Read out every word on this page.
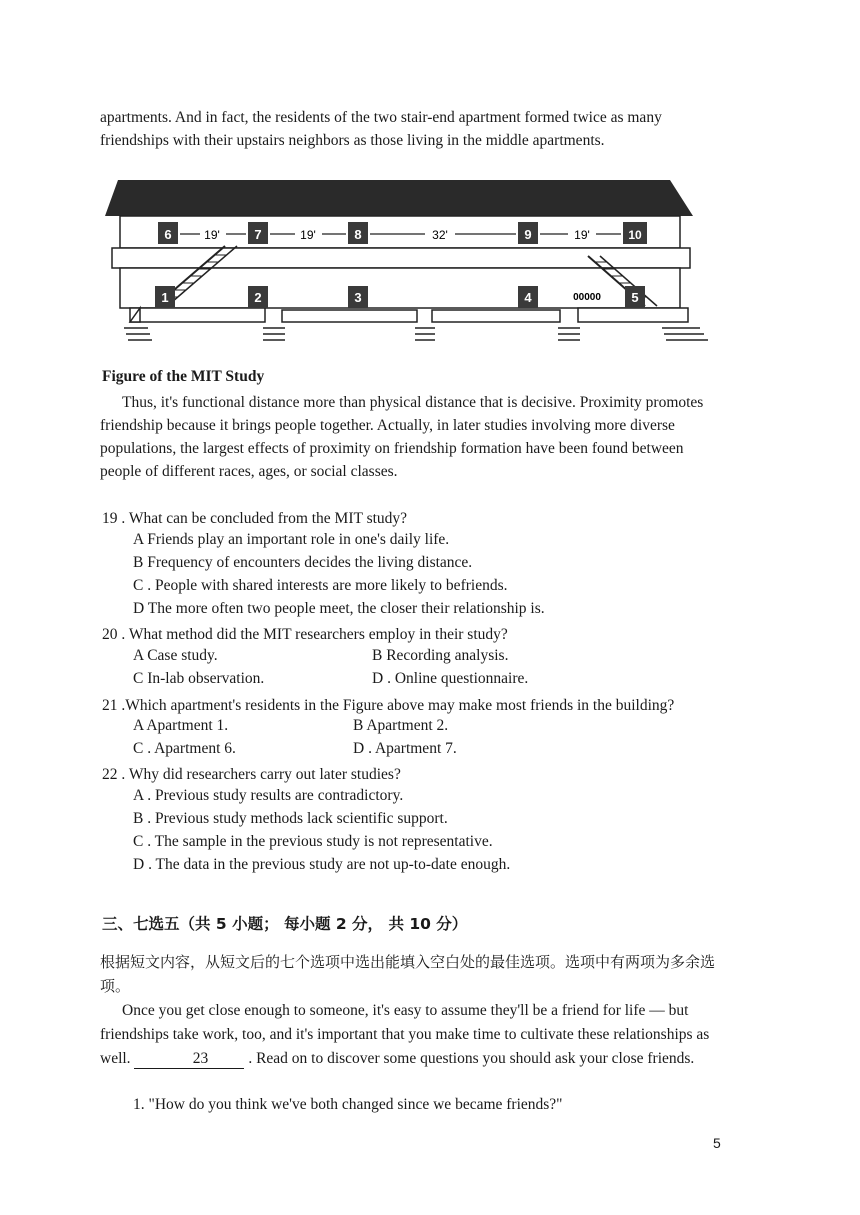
apartments. And in fact, the residents of the two stair-end apartment formed twice as many friendships with their upstairs neighbors as those living in the middle apartments.

6	7	8	9	10
19'	19'	32'	19'
1	2	3	4	5
00000
Figure of the MIT Study

Thus, it's functional distance more than physical distance that is decisive. Proximity promotes friendship because it brings people together. Actually, in later studies involving more diverse populations, the largest effects of proximity on friendship formation have been found between people of different races, ages, or social classes.

19 . What can be concluded from the MIT study?
A Friends play an important role in one's daily life.
B Frequency of encounters decides the living distance.
C . People with shared interests are more likely to befriends.
D The more often two people meet, the closer their relationship is.
20 . What method did the MIT researchers employ in their study?
A Case study.	B Recording analysis.
C In-lab observation.	D . Online questionnaire.
21 .Which apartment's residents in the Figure above may make most friends in the building?
A Apartment 1.	B Apartment 2.
C . Apartment 6.	D . Apartment 7.
22 . Why did researchers carry out later studies?
A . Previous study results are contradictory.
B . Previous study methods lack scientific support.
C . The sample in the previous study is not representative.
D . The data in the previous study are not up-to-date enough.
三、七选五（共 5 小题； 每小题 2 分， 共 10 分）
根据短文内容，从短文后的七个选项中选出能填入空白处的最佳选项。选项中有两项为多余选项。

Once you get close enough to someone, it's easy to assume they'll be a friend for life — but friendships take work, too, and it's important that you make time to cultivate these relationships as well.	23	. Read on to discover some questions you should ask your close friends.

1. "How do you think we've both changed since we became friends?"
5
